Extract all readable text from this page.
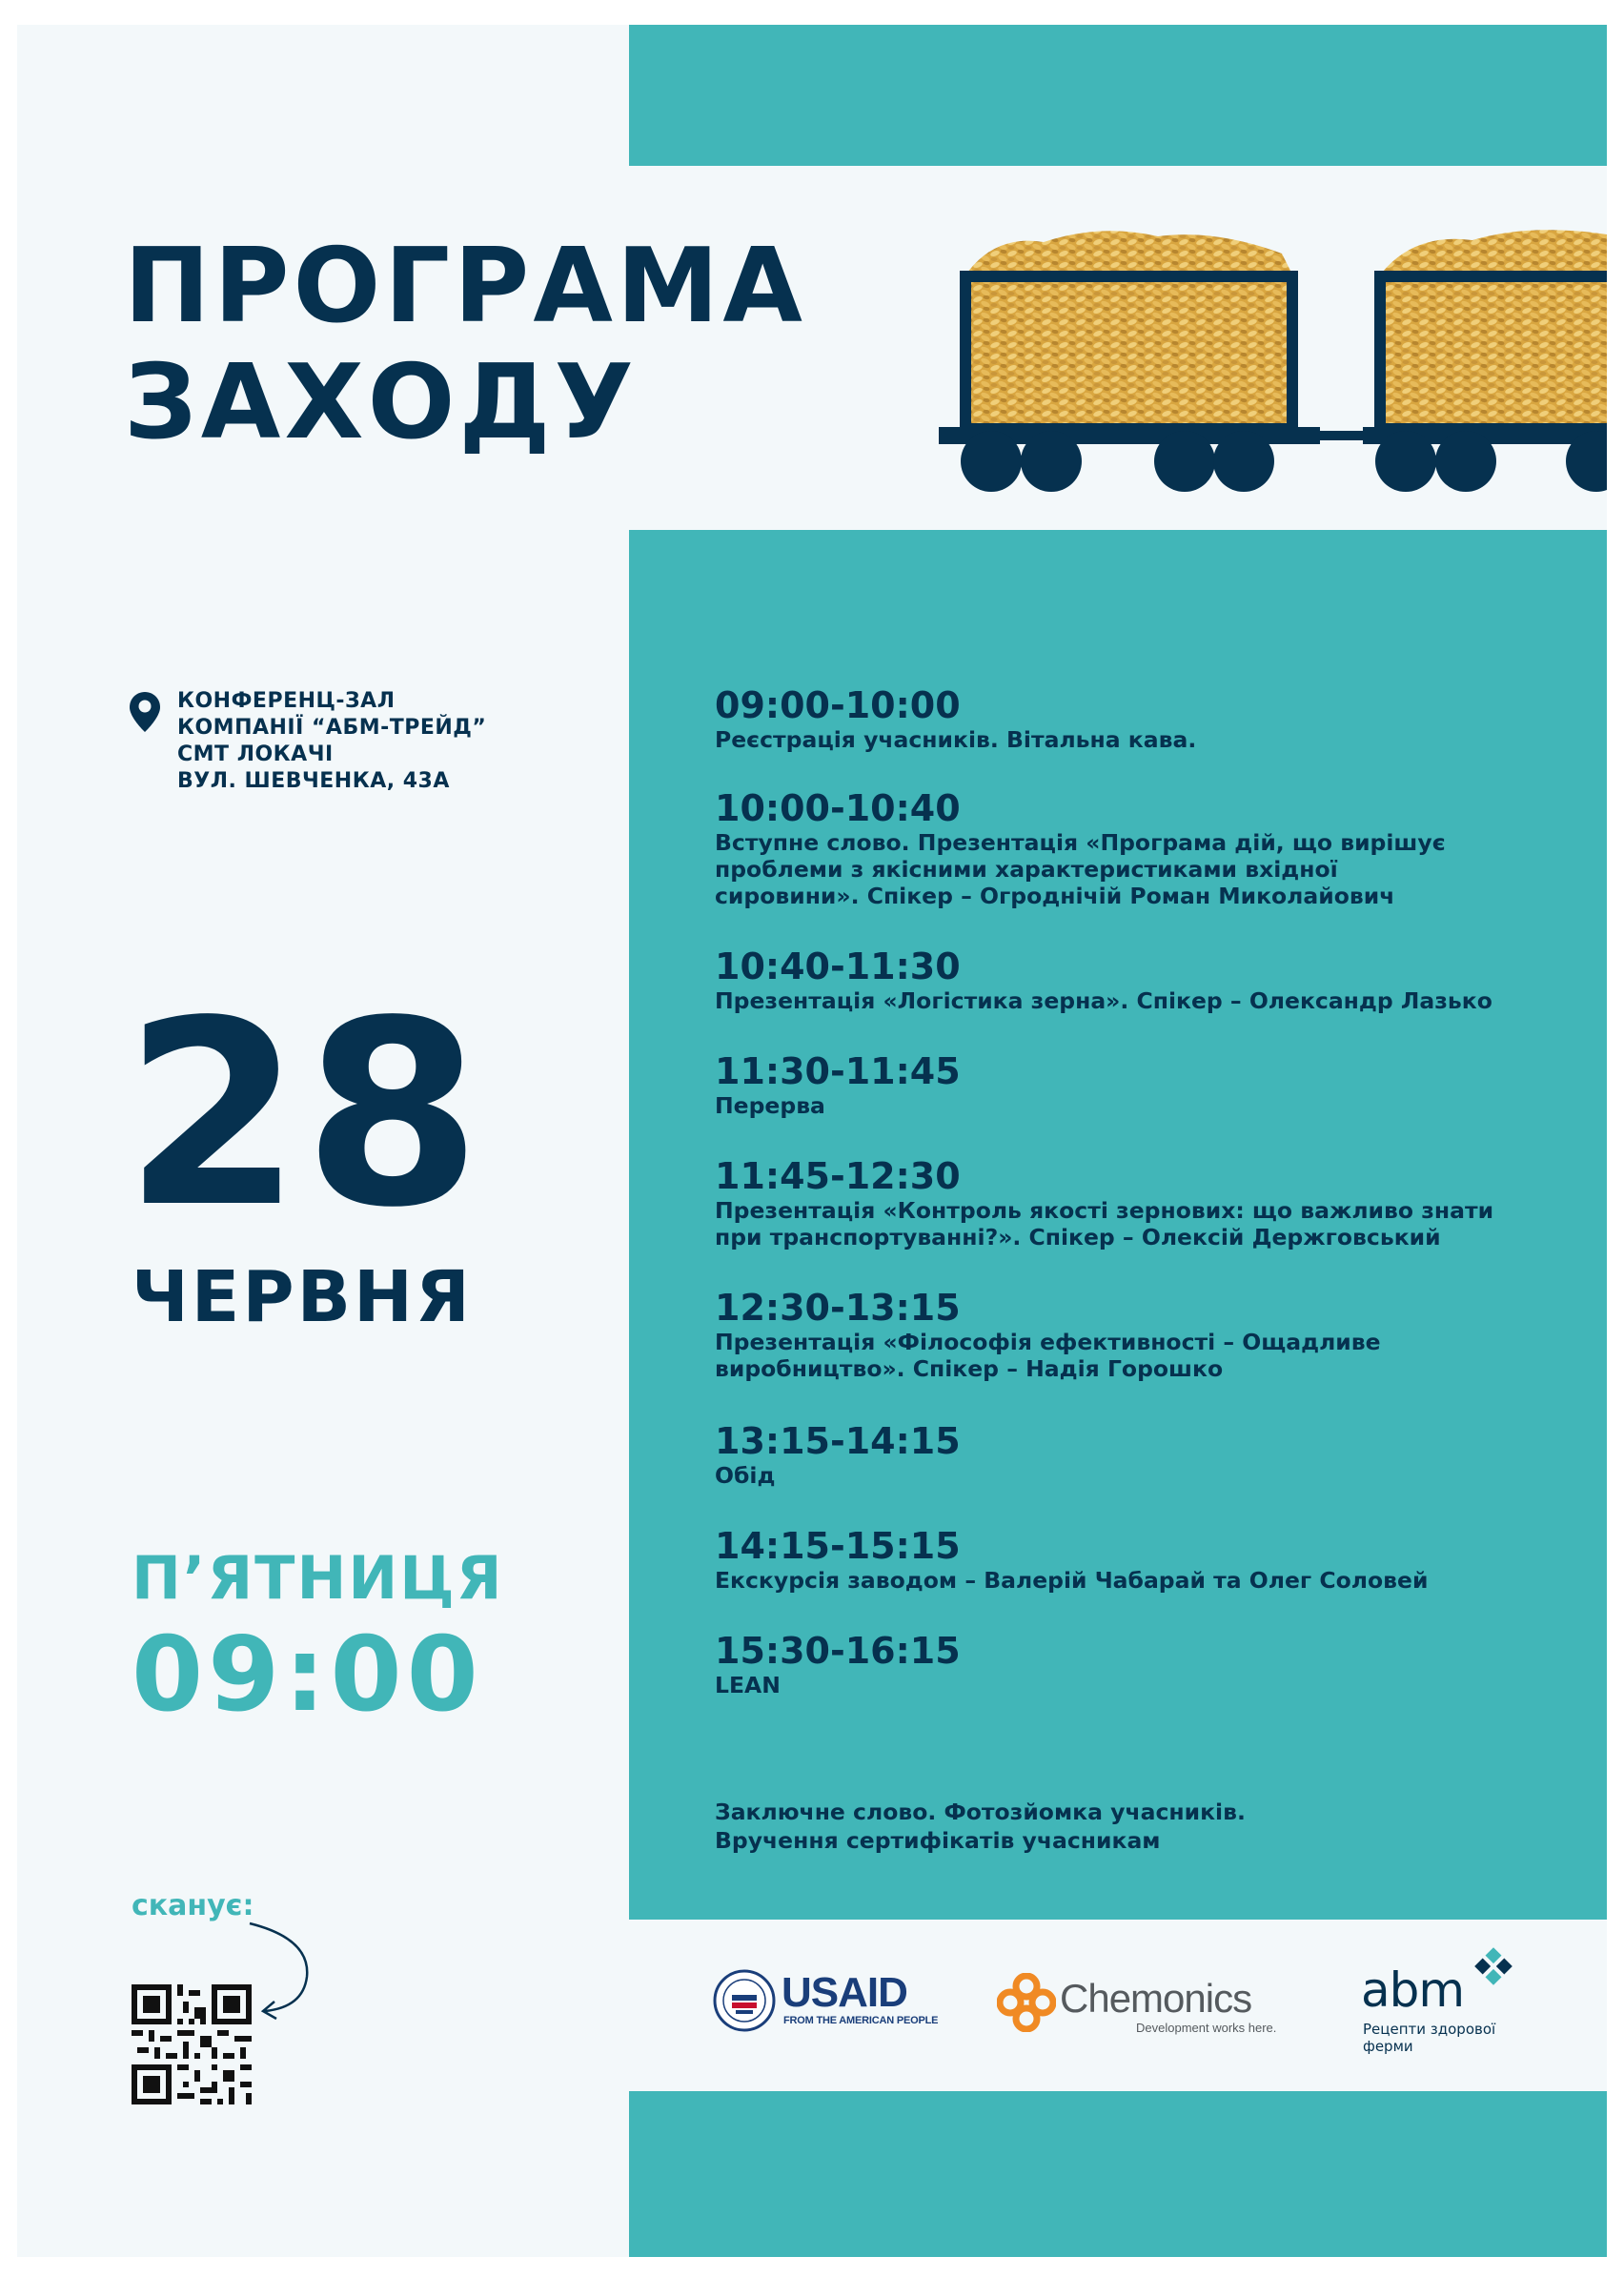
ПРОГРАМА
ЗАХОДУ
КОНФЕРЕНЦ-ЗАЛ
КОМПАНІЇ “АБМ-ТРЕЙД”
СМТ ЛОКАЧІ
ВУЛ. ШЕВЧЕНКА, 43А
28
ЧЕРВНЯ
П’ЯТНИЦЯ
09:00
09:00-10:00
Реєстрація учасників. Вітальна кава.
10:00-10:40
Вступне слово. Презентація «Програма дій, що вирішує
проблеми з якісними характеристиками вхідної
сировини». Спікер – Огроднічій Роман Миколайович
10:40-11:30
Презентація «Логістика зерна». Спікер – Олександр Лазько
11:30-11:45
Перерва
11:45-12:30
Презентація «Контроль якості зернових: що важливо знати
при транспортуванні?». Спікер – Олексій Держговський
12:30-13:15
Презентація «Філософія ефективності – Ощадливе
виробництво». Спікер – Надія Горошко
13:15-14:15
Обід
14:15-15:15
Екскурсія заводом – Валерій Чабарай та Олег Соловей
15:30-16:15
LEAN
Заключне слово. Фотозйомка учасників.
Вручення сертифікатів учасникам
сканує:
USAID
FROM THE AMERICAN PEOPLE	Chemonics
Development works here.
abm
Рецепти здорової
ферми
